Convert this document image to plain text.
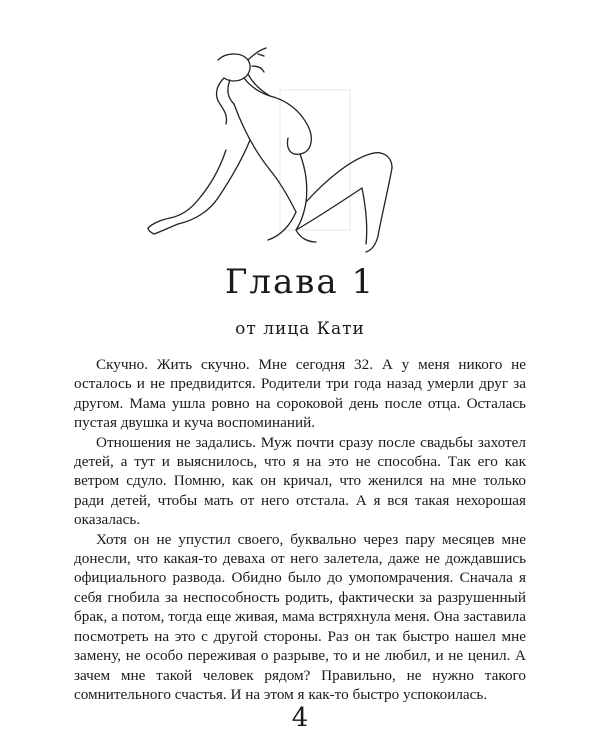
Глава 1
от лица Кати

Скучно. Жить скучно. Мне сегодня 32. А у меня никого не осталось и не предвидится. Родители три года назад умерли друг за другом. Мама ушла ровно на сороковой день после отца. Осталась пустая двушка и куча воспоминаний.

Отношения не задались. Муж почти сразу после свадьбы захотел детей, а тут и выяснилось, что я на это не способна. Так его как ветром сдуло. Помню, как он кричал, что женился на мне только ради детей, чтобы мать от него отстала. А я вся такая нехорошая оказалась.

Хотя он не упустил своего, буквально через пару месяцев мне донесли, что какая-то деваха от него залетела, даже не дождавшись официального развода. Обидно было до умопомрачения. Сначала я себя гнобила за неспособность родить, фактически за разрушенный брак, а потом, тогда еще живая, мама встряхнула меня. Она заставила посмотреть на это с другой стороны. Раз он так быстро нашел мне замену, не особо переживая о разрыве, то и не любил, и не ценил. А зачем мне такой человек рядом? Правильно, не нужно такого сомнительного счастья. И на этом я как-то быстро успокоилась.

4
